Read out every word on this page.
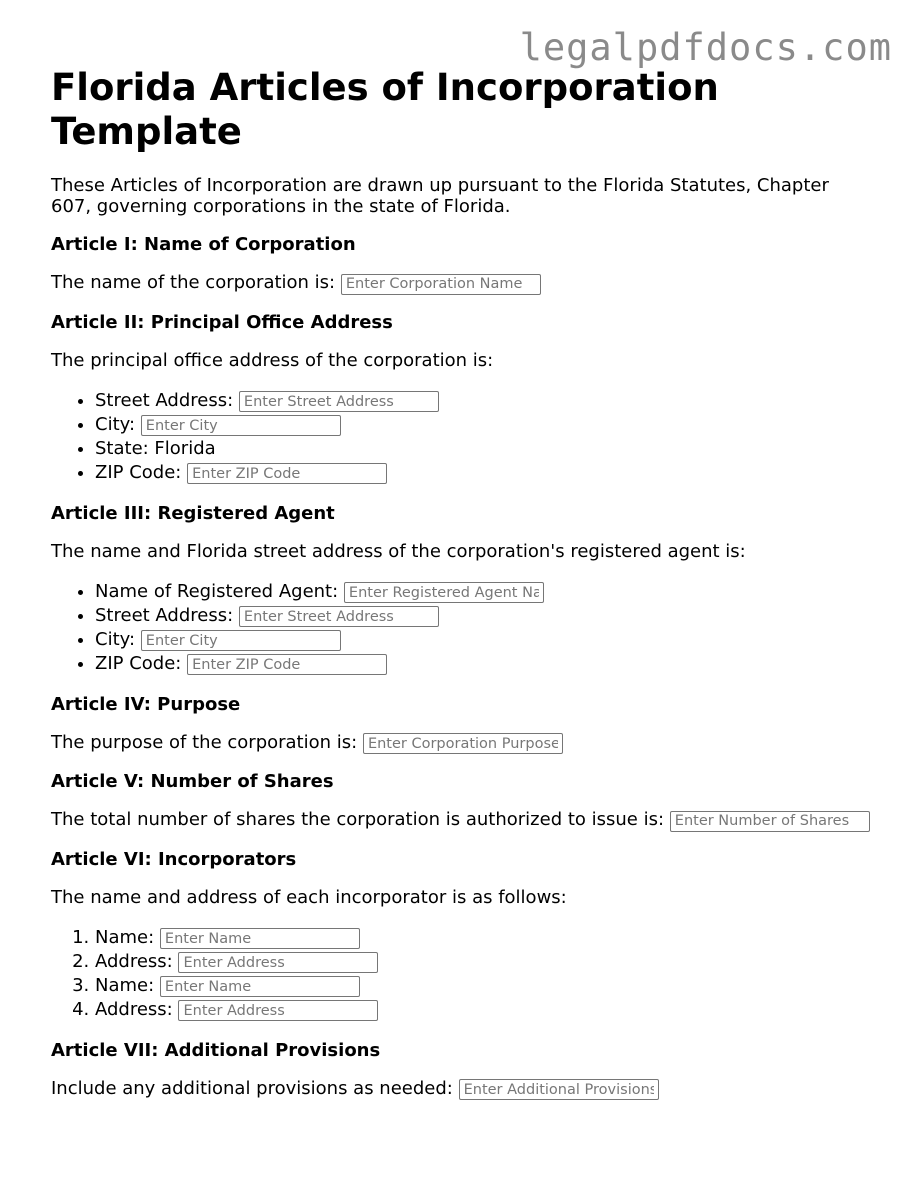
legalpdfdocs.com
Florida Articles of Incorporation Template

These Articles of Incorporation are drawn up pursuant to the Florida Statutes, Chapter 607, governing corporations in the state of Florida.

Article I: Name of Corporation

The name of the corporation is: Enter Corporation Name

Article II: Principal Office Address

The principal office address of the corporation is:

• Street Address: Enter Street Address
• City: Enter City
• State: Florida
• ZIP Code: Enter ZIP Code
Article III: Registered Agent

The name and Florida street address of the corporation's registered agent is:

• Name of Registered Agent: Enter Registered Agent Name
• Street Address: Enter Street Address
• City: Enter City
• ZIP Code: Enter ZIP Code
Article IV: Purpose

The purpose of the corporation is: Enter Corporation Purpose

Article V: Number of Shares

The total number of shares the corporation is authorized to issue is: Enter Number of Shares

Article VI: Incorporators

The name and address of each incorporator is as follows:

1. Name: Enter Name
2. Address: Enter Address
3. Name: Enter Name
4. Address: Enter Address
Article VII: Additional Provisions

Include any additional provisions as needed: Enter Additional Provisions
